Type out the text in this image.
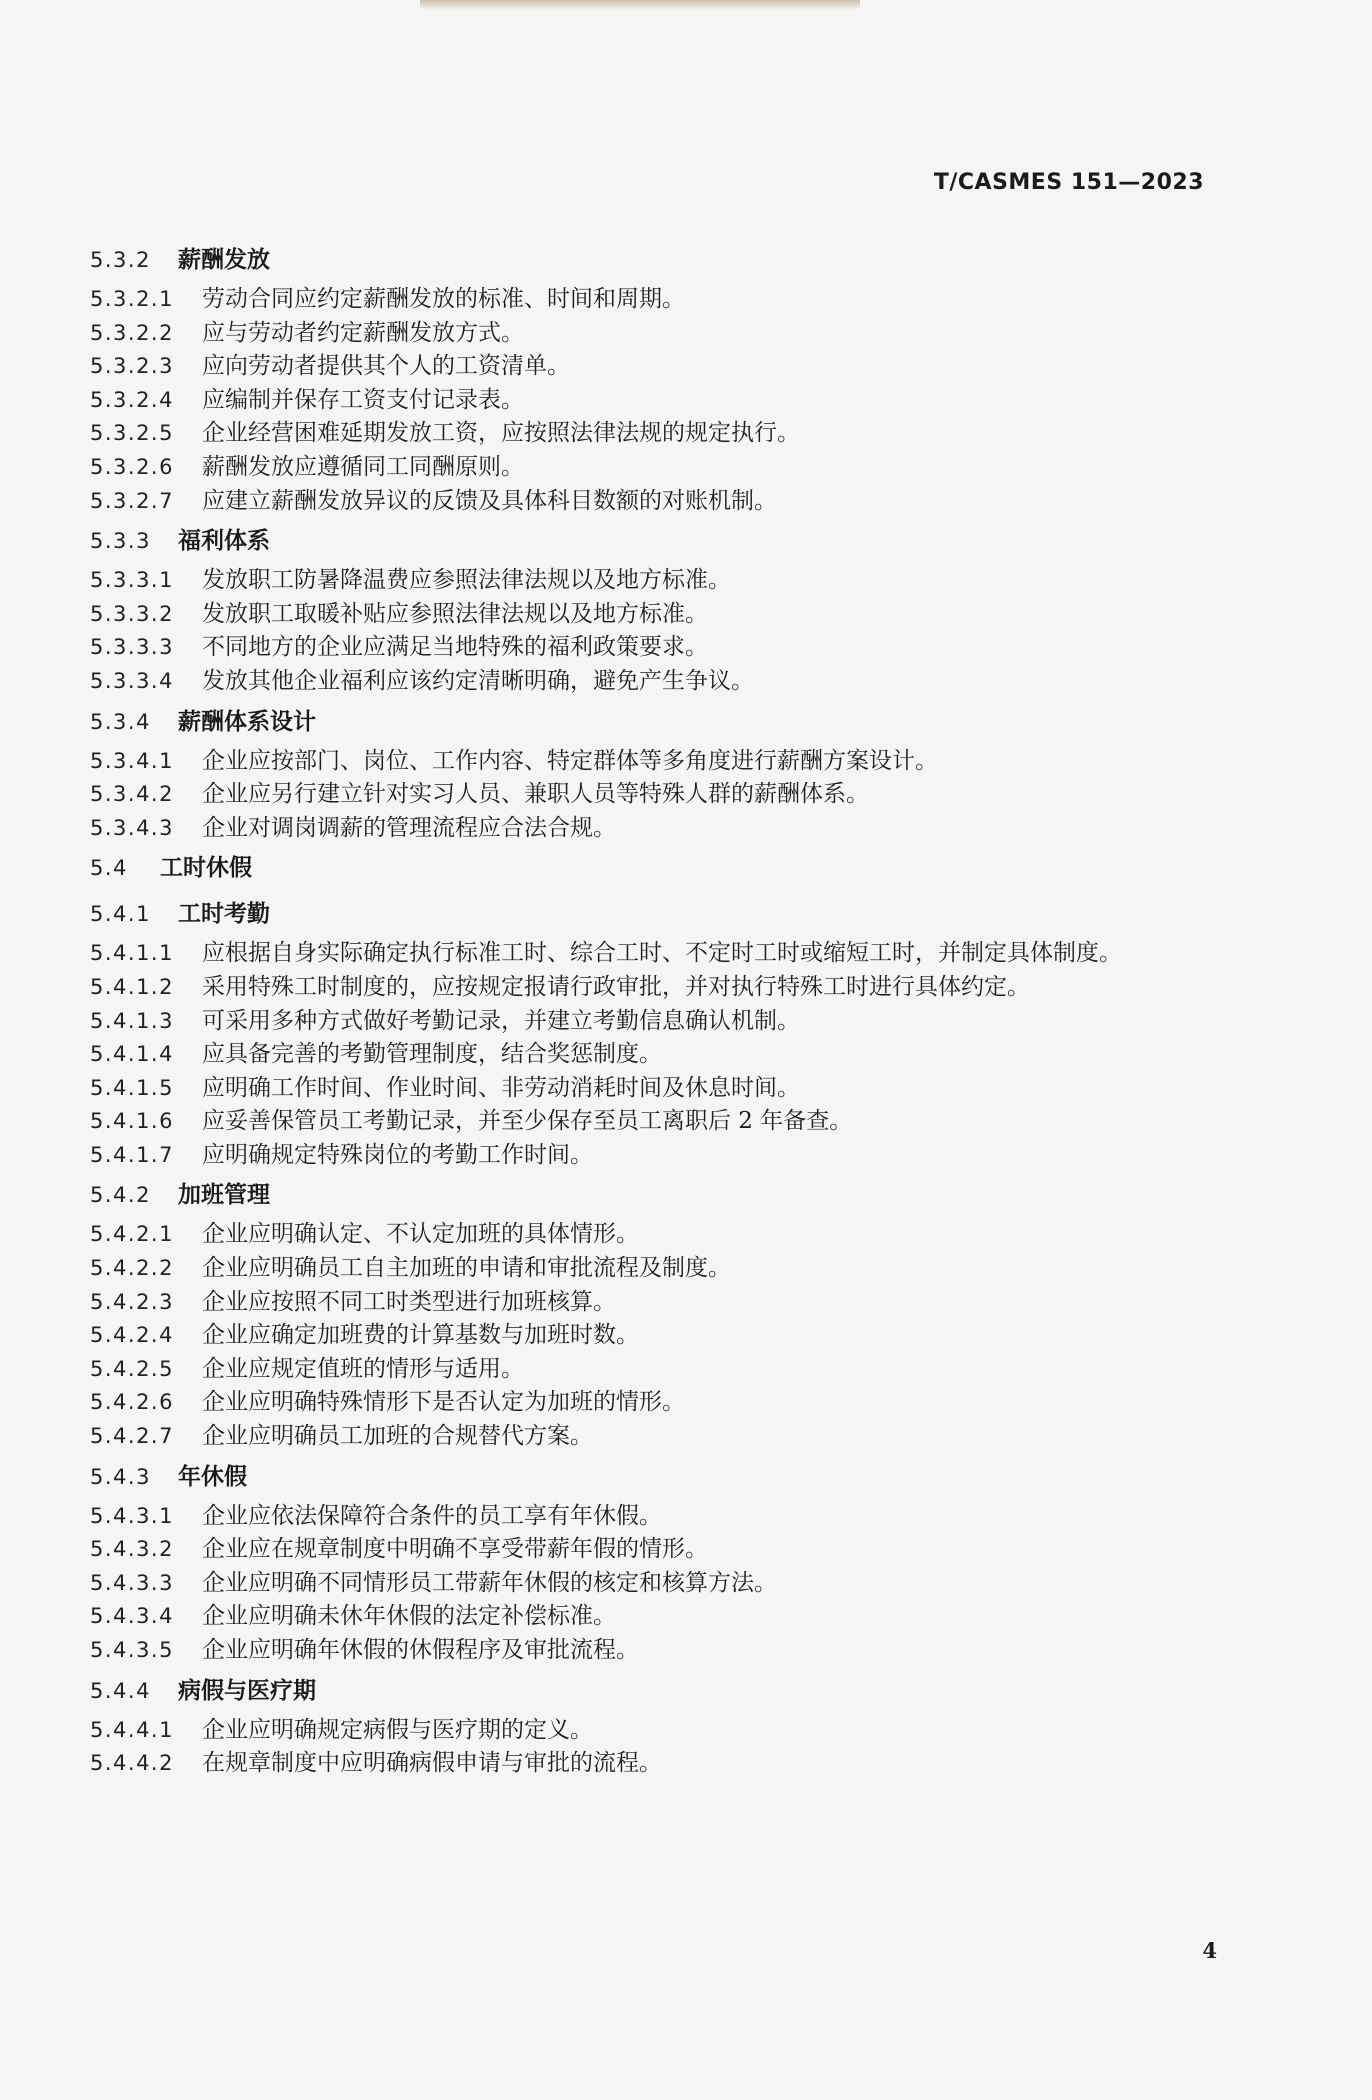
T/CASMES 151—2023
5.3.2	薪酬发放
5.3.2.1	劳动合同应约定薪酬发放的标准、时间和周期。
5.3.2.2	应与劳动者约定薪酬发放方式。
5.3.2.3	应向劳动者提供其个人的工资清单。
5.3.2.4	应编制并保存工资支付记录表。
5.3.2.5	企业经营困难延期发放工资，应按照法律法规的规定执行。
5.3.2.6	薪酬发放应遵循同工同酬原则。
5.3.2.7	应建立薪酬发放异议的反馈及具体科目数额的对账机制。
5.3.3	福利体系
5.3.3.1	发放职工防暑降温费应参照法律法规以及地方标准。
5.3.3.2	发放职工取暖补贴应参照法律法规以及地方标准。
5.3.3.3	不同地方的企业应满足当地特殊的福利政策要求。
5.3.3.4	发放其他企业福利应该约定清晰明确，避免产生争议。
5.3.4	薪酬体系设计
5.3.4.1	企业应按部门、岗位、工作内容、特定群体等多角度进行薪酬方案设计。
5.3.4.2	企业应另行建立针对实习人员、兼职人员等特殊人群的薪酬体系。
5.3.4.3	企业对调岗调薪的管理流程应合法合规。
5.4	工时休假
5.4.1	工时考勤
5.4.1.1	应根据自身实际确定执行标准工时、综合工时、不定时工时或缩短工时，并制定具体制度。
5.4.1.2	采用特殊工时制度的，应按规定报请行政审批，并对执行特殊工时进行具体约定。
5.4.1.3	可采用多种方式做好考勤记录，并建立考勤信息确认机制。
5.4.1.4	应具备完善的考勤管理制度，结合奖惩制度。
5.4.1.5	应明确工作时间、作业时间、非劳动消耗时间及休息时间。
5.4.1.6	应妥善保管员工考勤记录，并至少保存至员工离职后 2 年备查。
5.4.1.7	应明确规定特殊岗位的考勤工作时间。
5.4.2	加班管理
5.4.2.1	企业应明确认定、不认定加班的具体情形。
5.4.2.2	企业应明确员工自主加班的申请和审批流程及制度。
5.4.2.3	企业应按照不同工时类型进行加班核算。
5.4.2.4	企业应确定加班费的计算基数与加班时数。
5.4.2.5	企业应规定值班的情形与适用。
5.4.2.6	企业应明确特殊情形下是否认定为加班的情形。
5.4.2.7	企业应明确员工加班的合规替代方案。
5.4.3	年休假
5.4.3.1	企业应依法保障符合条件的员工享有年休假。
5.4.3.2	企业应在规章制度中明确不享受带薪年假的情形。
5.4.3.3	企业应明确不同情形员工带薪年休假的核定和核算方法。
5.4.3.4	企业应明确未休年休假的法定补偿标准。
5.4.3.5	企业应明确年休假的休假程序及审批流程。
5.4.4	病假与医疗期
5.4.4.1	企业应明确规定病假与医疗期的定义。
5.4.4.2	在规章制度中应明确病假申请与审批的流程。
4
